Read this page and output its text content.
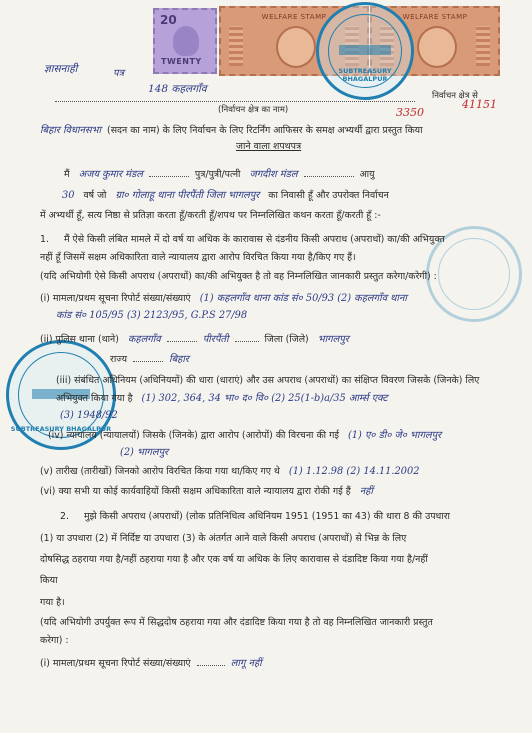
20
TWENTY
WELFARE STAMP	WELFARE STAMP
SUBTREASURY BHAGALPUR
SUBTREASURY BHAGALPUR
ज्ञासनाही	पत्र
148 कहलगाँव
निर्वाचन क्षेत्र से
41151
(निर्वाचन क्षेत्र का नाम)	3350
बिहार विधानसभा (सदन का नाम) के लिए निर्वाचन के लिए रिटर्निंग आफिसर के समक्ष अभ्यर्थी द्वारा प्रस्तुत किया
जाने वाला शपथपत्र
मैं अजय कुमार मंडल	पुत्र/पुत्री/पत्नी जगदीश मंडल	आयु
30 वर्ष जो ग्रा० गोलाहू थाना पीरपैंती जिला भागलपुर का निवासी हूँ और उपरोक्त निर्वाचन
में अभ्यर्थी हूँ, सत्य निष्ठा से प्रतिज्ञा करता हूँ/करती हूँ/शपथ पर निम्नलिखित कथन करता हूँ/करती हूँ :-
1. मैं ऐसे किसी लंबित मामले में दो वर्ष या अधिक के कारावास से दंडनीय किसी अपराध (अपराधों) का/की अभियुक्त
नहीं हूँ जिसमें सक्षम अधिकारिता वाले न्यायालय द्वारा आरोप विरचित किया गया है/किए गए हैं।
(यदि अभियोगी ऐसे किसी अपराध (अपराधों) का/की अभियुक्त है तो वह निम्नलिखित जानकारी प्रस्तुत करेगा/करेगी) :
(i) मामला/प्रथम सूचना रिपोर्ट संख्या/संख्याएं (1) कहलगाँव थाना कांड सं० 50/93 (2) कहलगाँव थाना
कांड सं० 105/95 (3) 2123/95, G.P.S 27/98
(ii) पुलिस थाना (थाने) कहलगाँव	पीरपैंती	जिला (जिले) भागलपुर
राज्य	बिहार
(iii) संबंधित अधिनियम (अधिनियमों) की धारा (धाराएं) और उस अपराध (अपराधों) का संक्षिप्त विवरण जिसके (जिनके) लिए
अभियुक्त किया गया है (1) 302, 364, 34 भा० द० वि० (2) 25(1-b)a/35 आर्म्स एक्ट
(3) 1948/92
(iv) न्यायालय (न्यायालयों) जिसके (जिनके) द्वारा आरोप (आरोपों) की विरचना की गई (1) ए० डी० जे० भागलपुर
(2) भागलपुर
(v) तारीख (तारीखों) जिनको आरोप विरचित किया गया था/किए गए थे (1) 1.12.98 (2) 14.11.2002
(vi) क्या सभी या कोई कार्यवाहियों किसी सक्षम अधिकारिता वाले न्यायालय द्वारा रोकी गई हैं नहीं
2. मुझे किसी अपराध (अपराधों) (लोक प्रतिनिधित्व अधिनियम 1951 (1951 का 43) की धारा 8 की उपधारा
(1) या उपधारा (2) में निर्दिष्ट या उपधारा (3) के अंतर्गत आने वाले किसी अपराध (अपराधों) से भिन्न के लिए
दोषसिद्ध ठहराया गया है/नहीं ठहराया गया है और एक वर्ष या अधिक के लिए कारावास से दंडादिष्ट किया गया है/नहीं
किया
गया है।
(यदि अभियोगी उपर्युक्त रूप में सिद्धदोष ठहराया गया और दंडादिष्ट किया गया है तो वह निम्नलिखित जानकारी प्रस्तुत
करेगा) :
(i) मामला/प्रथम सूचना रिपोर्ट संख्या/संख्याएं	लागू नहीं
